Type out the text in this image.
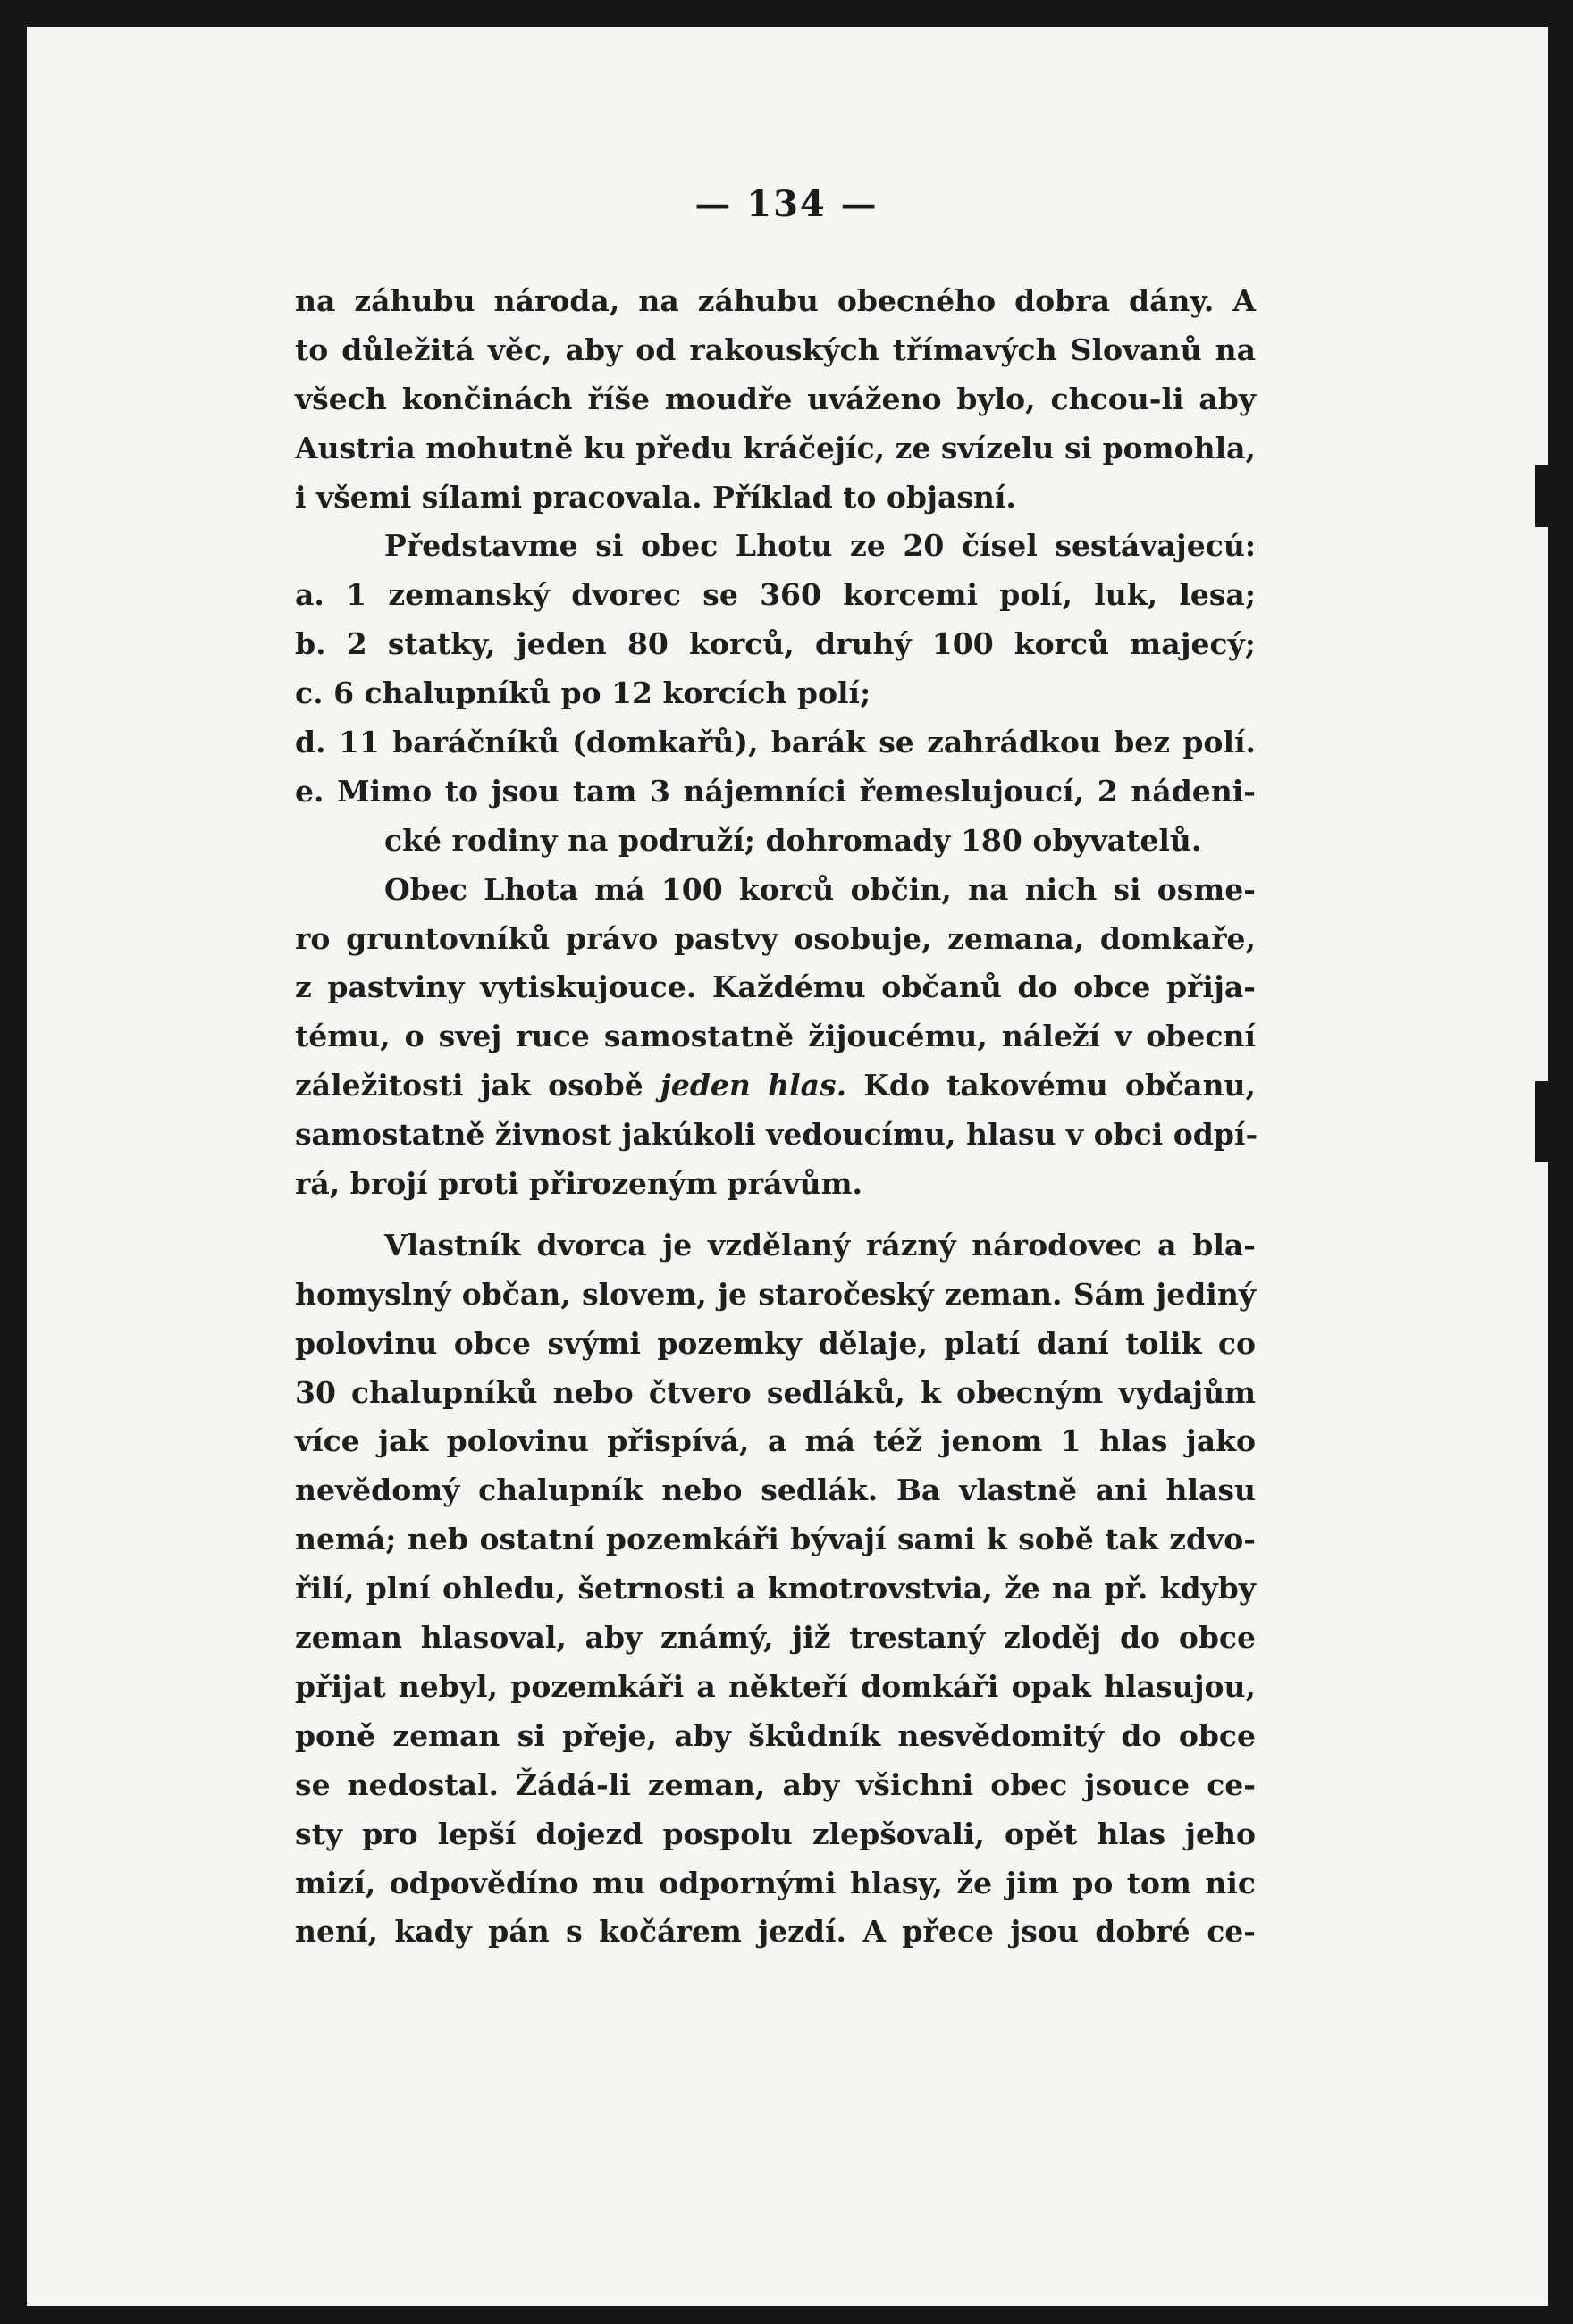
— 134 —
na záhubu národa, na záhubu obecného dobra dány. A
to důležitá věc, aby od rakouských třímavých Slovanů na
všech končinách říše moudře uváženo bylo, chcou-li aby
Austria mohutně ku předu kráčejíc, ze svízelu si pomohla,
i všemi sílami pracovala. Příklad to objasní.
Představme si obec Lhotu ze 20 čísel sestávajecú:
a. 1 zemanský dvorec se 360 korcemi polí, luk, lesa;
b. 2 statky, jeden 80 korců, druhý 100 korců majecý;
c. 6 chalupníků po 12 korcích polí;
d. 11 baráčníků (domkařů), barák se zahrádkou bez polí.
e. Mimo to jsou tam 3 nájemníci řemeslujoucí, 2 nádeni-
cké rodiny na podruží; dohromady 180 obyvatelů.
Obec Lhota má 100 korců občin, na nich si osme-
ro gruntovníků právo pastvy osobuje, zemana, domkaře,
z pastviny vytiskujouce. Každému občanů do obce přija-
tému, o svej ruce samostatně žijoucému, náleží v obecní
záležitosti jak osobě jeden hlas. Kdo takovému občanu,
samostatně živnost jakúkoli vedoucímu, hlasu v obci odpí-
rá, brojí proti přirozeným právům.
Vlastník dvorca je vzdělaný rázný národovec a bla-
homyslný občan, slovem, je staročeský zeman. Sám jediný
polovinu obce svými pozemky dělaje, platí daní tolik co
30 chalupníků nebo čtvero sedláků, k obecným vydajům
více jak polovinu přispívá, a má též jenom 1 hlas jako
nevědomý chalupník nebo sedlák. Ba vlastně ani hlasu
nemá; neb ostatní pozemkáři bývají sami k sobě tak zdvo-
řilí, plní ohledu, šetrnosti a kmotrovstvia, že na př. kdyby
zeman hlasoval, aby známý, již trestaný zloděj do obce
přijat nebyl, pozemkáři a někteří domkáři opak hlasujou,
poně zeman si přeje, aby škůdník nesvědomitý do obce
se nedostal. Žádá-li zeman, aby všichni obec jsouce ce-
sty pro lepší dojezd pospolu zlepšovali, opět hlas jeho
mizí, odpovědíno mu odpornými hlasy, že jim po tom nic
není, kady pán s kočárem jezdí. A přece jsou dobré ce-
